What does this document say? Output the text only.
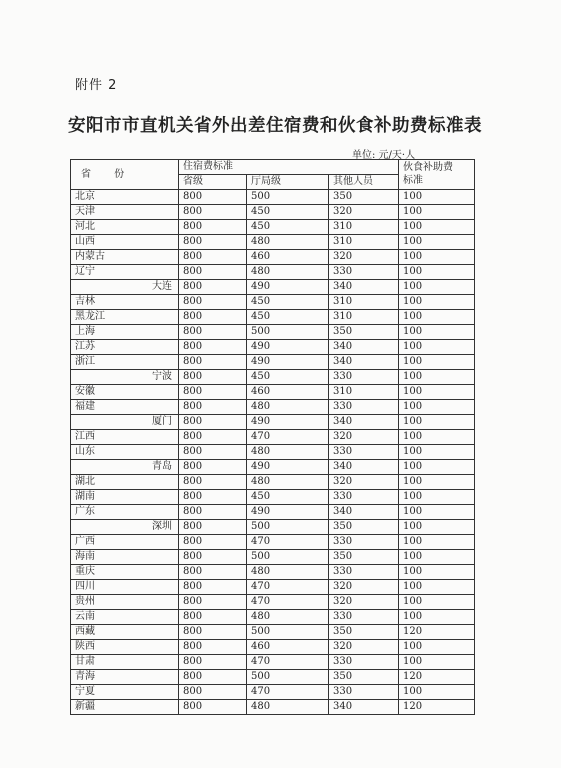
附件 2
安阳市市直机关省外出差住宿费和伙食补助费标准表
单位: 元/天·人
省 份	住宿费标准			伙食补助费
标准
	省级	厅局级	其他人员	
北京	800	500	350	100
天津	800	450	320	100
河北	800	450	310	100
山西	800	480	310	100
内蒙古	800	460	320	100
辽宁	800	480	330	100
大连	800	490	340	100
吉林	800	450	310	100
黑龙江	800	450	310	100
上海	800	500	350	100
江苏	800	490	340	100
浙江	800	490	340	100
宁波	800	450	330	100
安徽	800	460	310	100
福建	800	480	330	100
厦门	800	490	340	100
江西	800	470	320	100
山东	800	480	330	100
青岛	800	490	340	100
湖北	800	480	320	100
湖南	800	450	330	100
广东	800	490	340	100
深圳	800	500	350	100
广西	800	470	330	100
海南	800	500	350	100
重庆	800	480	330	100
四川	800	470	320	100
贵州	800	470	320	100
云南	800	480	330	100
西藏	800	500	350	120
陕西	800	460	320	100
甘肃	800	470	330	100
青海	800	500	350	120
宁夏	800	470	330	100
新疆	800	480	340	120
